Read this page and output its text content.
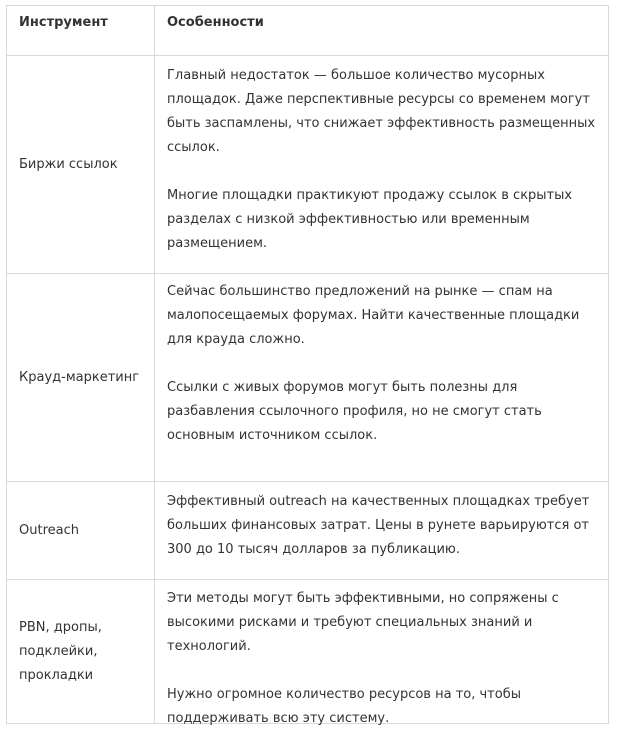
Инструмент	Особенности
Биржи ссылок

Главный недостаток — большое количество мусорных площадок. Даже перспективные ресурсы со временем могут быть заспамлены, что снижает эффективность размещенных ссылок.

Многие площадки практикуют продажу ссылок в скрытых разделах с низкой эффективностью или временным размещением.

Крауд-маркетинг

Сейчас большинство предложений на рынке — спам на малопосещаемых форумах. Найти качественные площадки для крауда сложно.

Ссылки с живых форумов могут быть полезны для разбавления ссылочного профиля, но не смогут стать основным источником ссылок.

Outreach

Эффективный outreach на качественных площадках требует больших финансовых затрат. Цены в рунете варьируются от 300 до 10 тысяч долларов за публикацию.

PBN, дропы, подклейки, прокладки

Эти методы могут быть эффективными, но сопряжены с высокими рисками и требуют специальных знаний и технологий.

Нужно огромное количество ресурсов на то, чтобы поддерживать всю эту систему.
